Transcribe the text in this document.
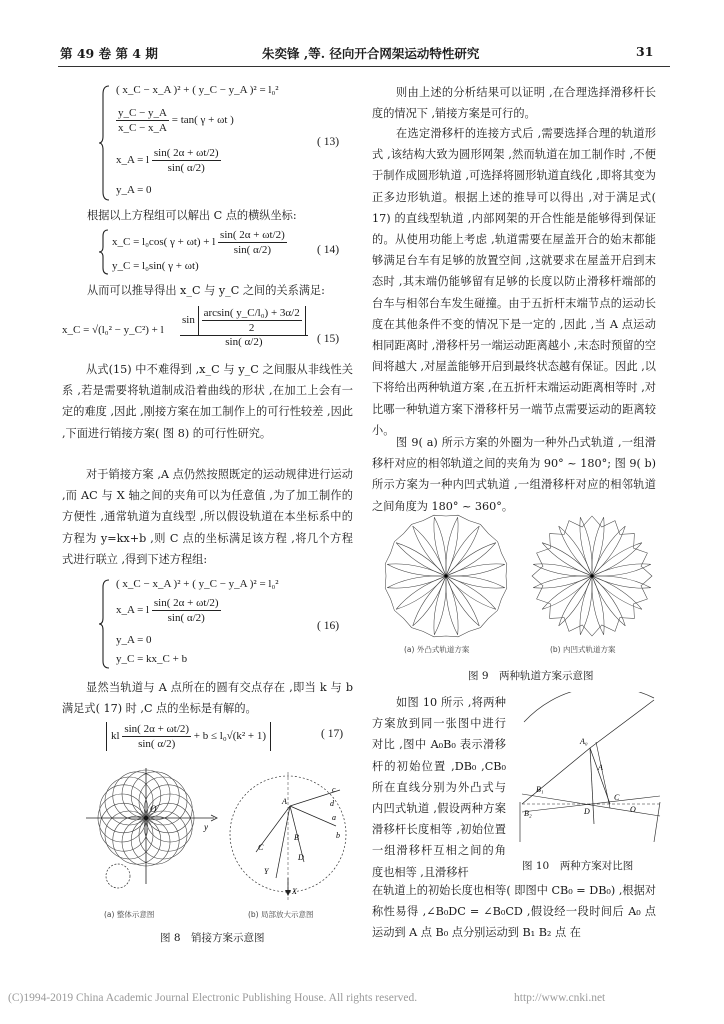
第 49 卷 第 4 期	朱奕锋 ,等. 径向开合网架运动特性研究	31
( x_C − x_A )² + ( y_C − y_A )² = l₀²
$\frac{y\_C - y\_A}{x\_C - x\_A} = \tan$( γ + ωt )
x_A = l $\frac{\sin( 2\alpha + \omega t/2)}{\sin( \alpha/2)}$
y_A = 0
( 13)
根据以上方程组可以解出 C 点的横纵坐标:
x_C = l₀cos( γ + ωt) + l $\frac{\sin( 2\alpha + \omega t/2)}{\sin( \alpha/2)}$
y_C = l₀sin( γ + ωt)
( 14)
从而可以推导得出 x_C 与 y_C 之间的关系满足:
x_C = √(l₀² − y_C²) + l
$\sin \frac{\text{arcsin( y\_C/l₀) + 3α/2}}{2}$
sin( α/2)	( 15)
从式(15) 中不难得到 ,x_C 与 y_C 之间服从非线性关系 ,若是需要将轨道制成沿着曲线的形状 ,在加工上会有一定的难度 ,因此 ,刚接方案在加工制作上的可行性较差 ,因此 ,下面进行销接方案( 图 8) 的可行性研究。
对于销接方案 ,A 点仍然按照既定的运动规律进行运动 ,而 AC 与 X 轴之间的夹角可以为任意值 ,为了加工制作的方便性 ,通常轨道为直线型 ,所以假设轨道在本坐标系中的方程为 y=kx+b ,则 C 点的坐标满足该方程 ,将几个方程式进行联立 ,得到下述方程组:
( x_C − x_A )² + ( y_C − y_A )² = l₀²
x_A = l $\frac{\sin( 2\alpha + \omega t/2)}{\sin( \alpha/2)}$
y_A = 0
y_C = kx_C + b
( 16)
显然当轨道与 A 点所在的圆有交点存在 ,即当 k 与 b 满足式( 17) 时 ,C 点的坐标是有解的。
kl $\frac{\sin( 2\alpha + \omega t/2)}{\sin( \alpha/2)} + b \le l_0√(k^2 + 1)$	( 17)
O
y
(a) 整体示意图
A
B
C
D
X
a
b
c
d
Y
(b) 局部放大示意图
图 8　销接方案示意图
则由上述的分析结果可以证明 ,在合理选择滑移杆长度的情况下 ,销接方案是可行的。
在选定滑移杆的连接方式后 ,需要选择合理的轨道形式 ,该结构大致为圆形网架 ,然而轨道在加工制作时 ,不便于制作成圆形轨道 ,可选择将圆形轨道直线化 ,即将其变为正多边形轨道。根据上述的推导可以得出 ,对于满足式( 17) 的直线型轨道 ,内部网架的开合性能是能够得到保证的。从使用功能上考虑 ,轨道需要在屋盖开合的始末都能够满足台车有足够的放置空间 ,这就要求在屋盖开启到末态时 ,其末端仍能够留有足够的长度以防止滑移杆端部的台车与相邻台车发生碰撞。由于五折杆末端节点的运动长度在其他条件不变的情况下是一定的 ,因此 ,当 A 点运动相同距离时 ,滑移杆另一端运动距离越小 ,末态时预留的空间将越大 ,对屋盖能够开启到最终状态越有保证。因此 ,以下将给出两种轨道方案 ,在五折杆末端运动距离相等时 ,对比哪一种轨道方案下滑移杆另一端节点需要运动的距离较小。
图 9( a) 所示方案的外圈为一种外凸式轨道 ,一组滑移杆对应的相邻轨道之间的夹角为 90° ~ 180°; 图 9( b) 所示方案为一种内凹式轨道 ,一组滑移杆对应的相邻轨道之间角度为 180° ~ 360°。
(a) 外凸式轨道方案	(b) 内凹式轨道方案
图 9　两种轨道方案示意图
如图 10 所示 ,将两种方案放到同一张图中进行对比 ,图中 A₀B₀ 表示滑移杆的初始位置 ,DB₀ ,CB₀ 所在直线分别为外凸式与内凹式轨道 ,假设两种方案滑移杆长度相等 ,初始位置一组滑移杆互相之间的角度也相等 ,且滑移杆
A₀
A
B₁
B₂
C
D	O
图 10　两种方案对比图
在轨道上的初始长度也相等( 即图中 CB₀ = DB₀) ,根据对称性易得 ,∠B₀DC = ∠B₀CD ,假设经一段时间后 A₀ 点运动到 A 点 B₀ 点分别运动到 B₁ B₂ 点 在
(C)1994-2019 China Academic Journal Electronic Publishing House. All rights reserved.	http://www.cnki.net
